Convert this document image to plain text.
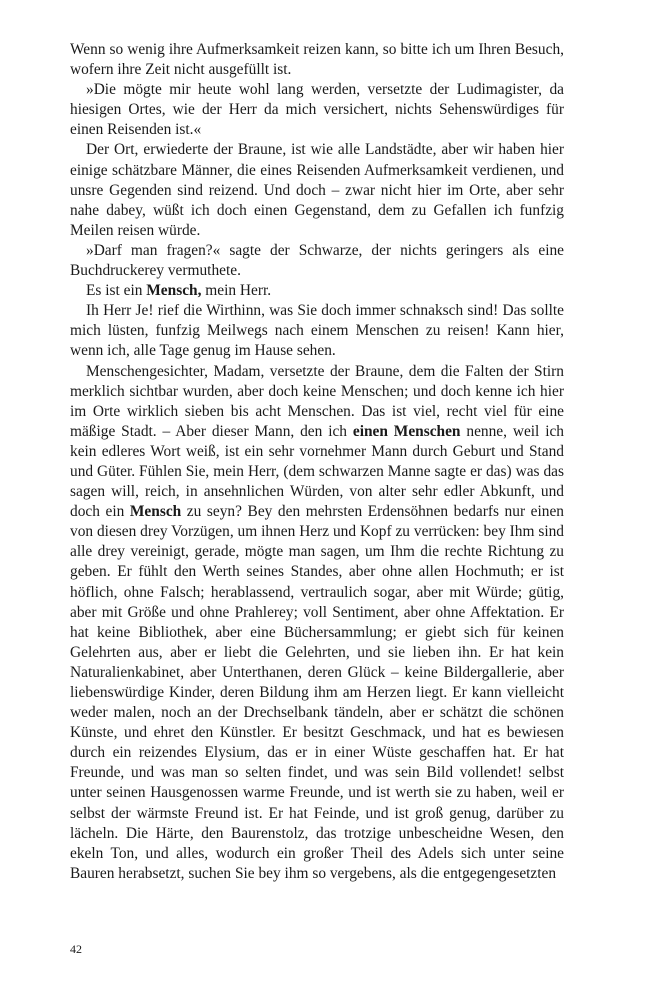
Wenn so wenig ihre Aufmerksamkeit reizen kann, so bitte ich um Ihren Besuch, wofern ihre Zeit nicht ausgefüllt ist.

»Die mögte mir heute wohl lang werden, versetzte der Ludimagister, da hiesigen Ortes, wie der Herr da mich versichert, nichts Sehenswürdiges für einen Reisenden ist.«

Der Ort, erwiederte der Braune, ist wie alle Landstädte, aber wir haben hier einige schätzbare Männer, die eines Reisenden Aufmerksamkeit verdienen, und unsre Gegenden sind reizend. Und doch – zwar nicht hier im Orte, aber sehr nahe dabey, wüßt ich doch einen Gegenstand, dem zu Gefallen ich funfzig Meilen reisen würde.

»Darf man fragen?« sagte der Schwarze, der nichts geringers als eine Buchdruckerey vermuthete.

Es ist ein Mensch, mein Herr.

Ih Herr Je! rief die Wirthinn, was Sie doch immer schnaksch sind! Das sollte mich lüsten, funfzig Meilwegs nach einem Menschen zu reisen! Kann hier, wenn ich, alle Tage genug im Hause sehen.

Menschengesichter, Madam, versetzte der Braune, dem die Falten der Stirn merklich sichtbar wurden, aber doch keine Menschen; und doch kenne ich hier im Orte wirklich sieben bis acht Menschen. Das ist viel, recht viel für eine mäßige Stadt. – Aber dieser Mann, den ich einen Menschen nenne, weil ich kein edleres Wort weiß, ist ein sehr vornehmer Mann durch Geburt und Stand und Güter. Fühlen Sie, mein Herr, (dem schwarzen Manne sagte er das) was das sagen will, reich, in ansehnlichen Würden, von alter sehr edler Abkunft, und doch ein Mensch zu seyn? Bey den mehrsten Erdensöhnen bedarfs nur einen von diesen drey Vorzügen, um ihnen Herz und Kopf zu verrücken: bey Ihm sind alle drey vereinigt, gerade, mögte man sagen, um Ihm die rechte Richtung zu geben. Er fühlt den Werth seines Standes, aber ohne allen Hochmuth; er ist höflich, ohne Falsch; herablassend, vertraulich sogar, aber mit Würde; gütig, aber mit Größe und ohne Prahlerey; voll Sentiment, aber ohne Affektation. Er hat keine Bibliothek, aber eine Büchersammlung; er giebt sich für keinen Gelehrten aus, aber er liebt die Gelehrten, und sie lieben ihn. Er hat kein Naturalienkabinet, aber Unterthanen, deren Glück – keine Bildergallerie, aber liebenswürdige Kinder, deren Bildung ihm am Herzen liegt. Er kann vielleicht weder malen, noch an der Drechselbank tändeln, aber er schätzt die schönen Künste, und ehret den Künstler. Er besitzt Geschmack, und hat es bewiesen durch ein reizendes Elysium, das er in einer Wüste geschaffen hat. Er hat Freunde, und was man so selten findet, und was sein Bild vollendet! selbst unter seinen Hausgenossen warme Freunde, und ist werth sie zu haben, weil er selbst der wärmste Freund ist. Er hat Feinde, und ist groß genug, darüber zu lächeln. Die Härte, den Baurenstolz, das trotzige unbescheidne Wesen, den ekeln Ton, und alles, wodurch ein großer Theil des Adels sich unter seine Bauren herabsetzt, suchen Sie bey ihm so vergebens, als die entgegengesetzten

42
